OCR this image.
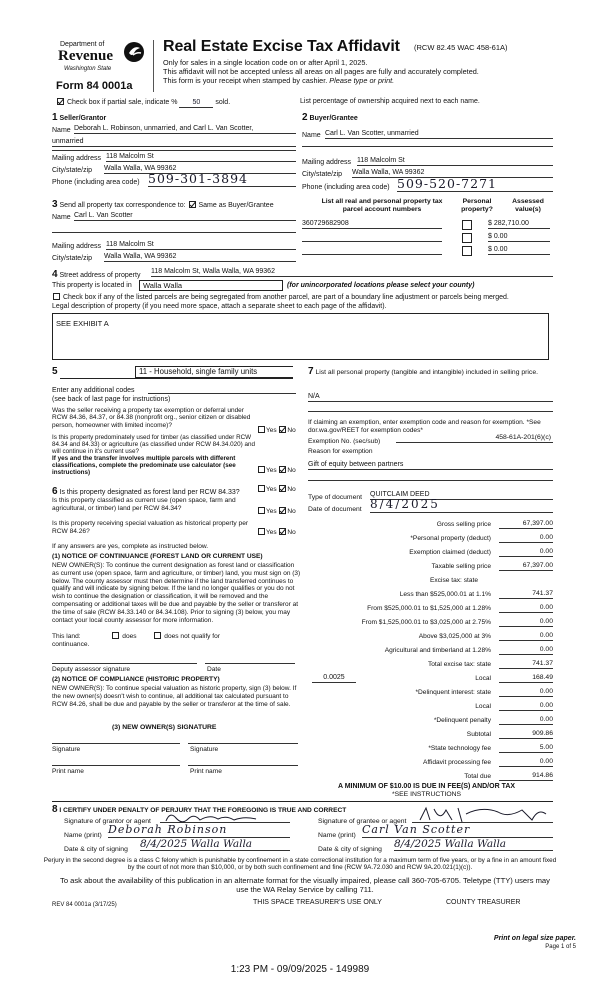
Department of
Revenue
Washington State
Form 84 0001a
Real Estate Excise Tax Affidavit (RCW 82.45 WAC 458-61A)
Only for sales in a single location code on or after April 1, 2025.
This affidavit will not be accepted unless all areas on all pages are fully and accurately completed.
This form is your receipt when stamped by cashier. Please type or print.
Check box if partial sale, indicate % 50 sold.	List percentage of ownership acquired next to each name.
1 Seller/Grantor
Name Deborah L. Robinson, unmarried, and Carl L. Van Scotter,
unmarried
Mailing address 118 Malcolm St
City/state/zip Walla Walla, WA 99362
Phone (including area code) 509-301-3894
2 Buyer/Grantee
Name Carl L. Van Scotter, unmarried
Mailing address 118 Malcolm St
City/state/zip Walla Walla, WA 99362
Phone (including area code) 509-520-7271
3 Send all property tax correspondence to: Same as Buyer/Grantee
Name Carl L. Van Scotter
Mailing address 118 Malcolm St
City/state/zip Walla Walla, WA 99362
List all real and personal property tax parcel account numbers
Personal property?
Assessed value(s)
360729682908	$ 282,710.00
$ 0.00
$ 0.00
4 Street address of property
118 Malcolm St, Walla Walla, WA 99362
This property is located in	Walla Walla	(for unincorporated locations please select your county)
Check box if any of the listed parcels are being segregated from another parcel, are part of a boundary line adjustment or parcels being merged.
Legal description of property (if you need more space, attach a separate sheet to each page of the affidavit).
SEE EXHIBIT A
5	11 - Household, single family units
Enter any additional codes
(see back of last page for instructions)
Was the seller receiving a property tax exemption or deferral under RCW 84.36, 84.37, or 84.38 (nonprofit org., senior citizen or disabled person, homeowner with limited income)?
Yes No
Is this property predominately used for timber (as classified under RCW 84.34 and 84.33) or agriculture (as classified under RCW 84.34.020) and will continue in it's current use?
If yes and the transfer involves multiple parcels with different classifications, complete the predominate use calculator (see instructions)	Yes No
6 Is this property designated as forest land per RCW 84.33?	Yes No
Is this property classified as current use (open space, farm and agricultural, or timber) land per RCW 84.34?	Yes No
Is this property receiving special valuation as historical property per RCW 84.26?	Yes No
If any answers are yes, complete as instructed below.
(1) NOTICE OF CONTINUANCE (FOREST LAND OR CURRENT USE)
NEW OWNER(S): To continue the current designation as forest land or classification as current use (open space, farm and agriculture, or timber) land, you must sign on (3) below. The county assessor must then determine if the land transferred continues to qualify and will indicate by signing below. If the land no longer qualifies or you do not wish to continue the designation or classification, it will be removed and the compensating or additional taxes will be due and payable by the seller or transferor at the time of sale (RCW 84.33.140 or 84.34.108). Prior to signing (3) below, you may contact your local county assessor for more information.
This land:	does	does not qualify for
continuance.
Deputy assessor signature	Date
(2) NOTICE OF COMPLIANCE (HISTORIC PROPERTY)
NEW OWNER(S): To continue special valuation as historic property, sign (3) below. If the new owner(s) doesn't wish to continue, all additional tax calculated pursuant to RCW 84.26, shall be due and payable by the seller or transferor at the time of sale.
(3) NEW OWNER(S) SIGNATURE
Signature	Signature
Print name	Print name
7 List all personal property (tangible and intangible) included in selling price.
N/A
If claiming an exemption, enter exemption code and reason for exemption. *See dor.wa.gov/REET for exemption codes*
Exemption No. (sec/sub)
458-61A-201(6)(c)
Reason for exemption
Gift of equity between partners
Type of document QUITCLAIM DEED
Date of document 8/4/2025
Gross selling price	67,397.00
*Personal property (deduct)	0.00
Exemption claimed (deduct)	0.00
Taxable selling price	67,397.00
Excise tax: state
Less than $525,000.01 at 1.1%	741.37
From $525,000.01 to $1,525,000 at 1.28%	0.00
From $1,525,000.01 to $3,025,000 at 2.75%	0.00
Above $3,025,000 at 3%	0.00
Agricultural and timberland at 1.28%	0.00
Total excise tax: state	741.37
0.0025	Local	168.49
*Delinquent interest: state	0.00
Local	0.00
*Delinquent penalty	0.00
Subtotal	909.86
*State technology fee	5.00
Affidavit processing fee	0.00
Total due	914.86
A MINIMUM OF $10.00 IS DUE IN FEE(S) AND/OR TAX
*SEE INSTRUCTIONS
8 I CERTIFY UNDER PENALTY OF PERJURY THAT THE FOREGOING IS TRUE AND CORRECT
Signature of grantor or agent
Name (print) Deborah Robinson
Date & city of signing 8/4/2025 Walla Walla
Signature of grantee or agent
Name (print) Carl Van Scotter
Date & city of signing 8/4/2025 Walla Walla
Perjury in the second degree is a class C felony which is punishable by confinement in a state correctional institution for a maximum term of five years, or by a fine in an amount fixed by the court of not more than $10,000, or by both such confinement and fine (RCW 9A.72.030 and RCW 9A.20.021(1)(c)).
To ask about the availability of this publication in an alternate format for the visually impaired, please call 360-705-6705. Teletype (TTY) users may use the WA Relay Service by calling 711.
REV 84 0001a (3/17/25)	THIS SPACE TREASURER'S USE ONLY	COUNTY TREASURER
Print on legal size paper.
Page 1 of 5
1:23 PM - 09/09/2025 - 149989
